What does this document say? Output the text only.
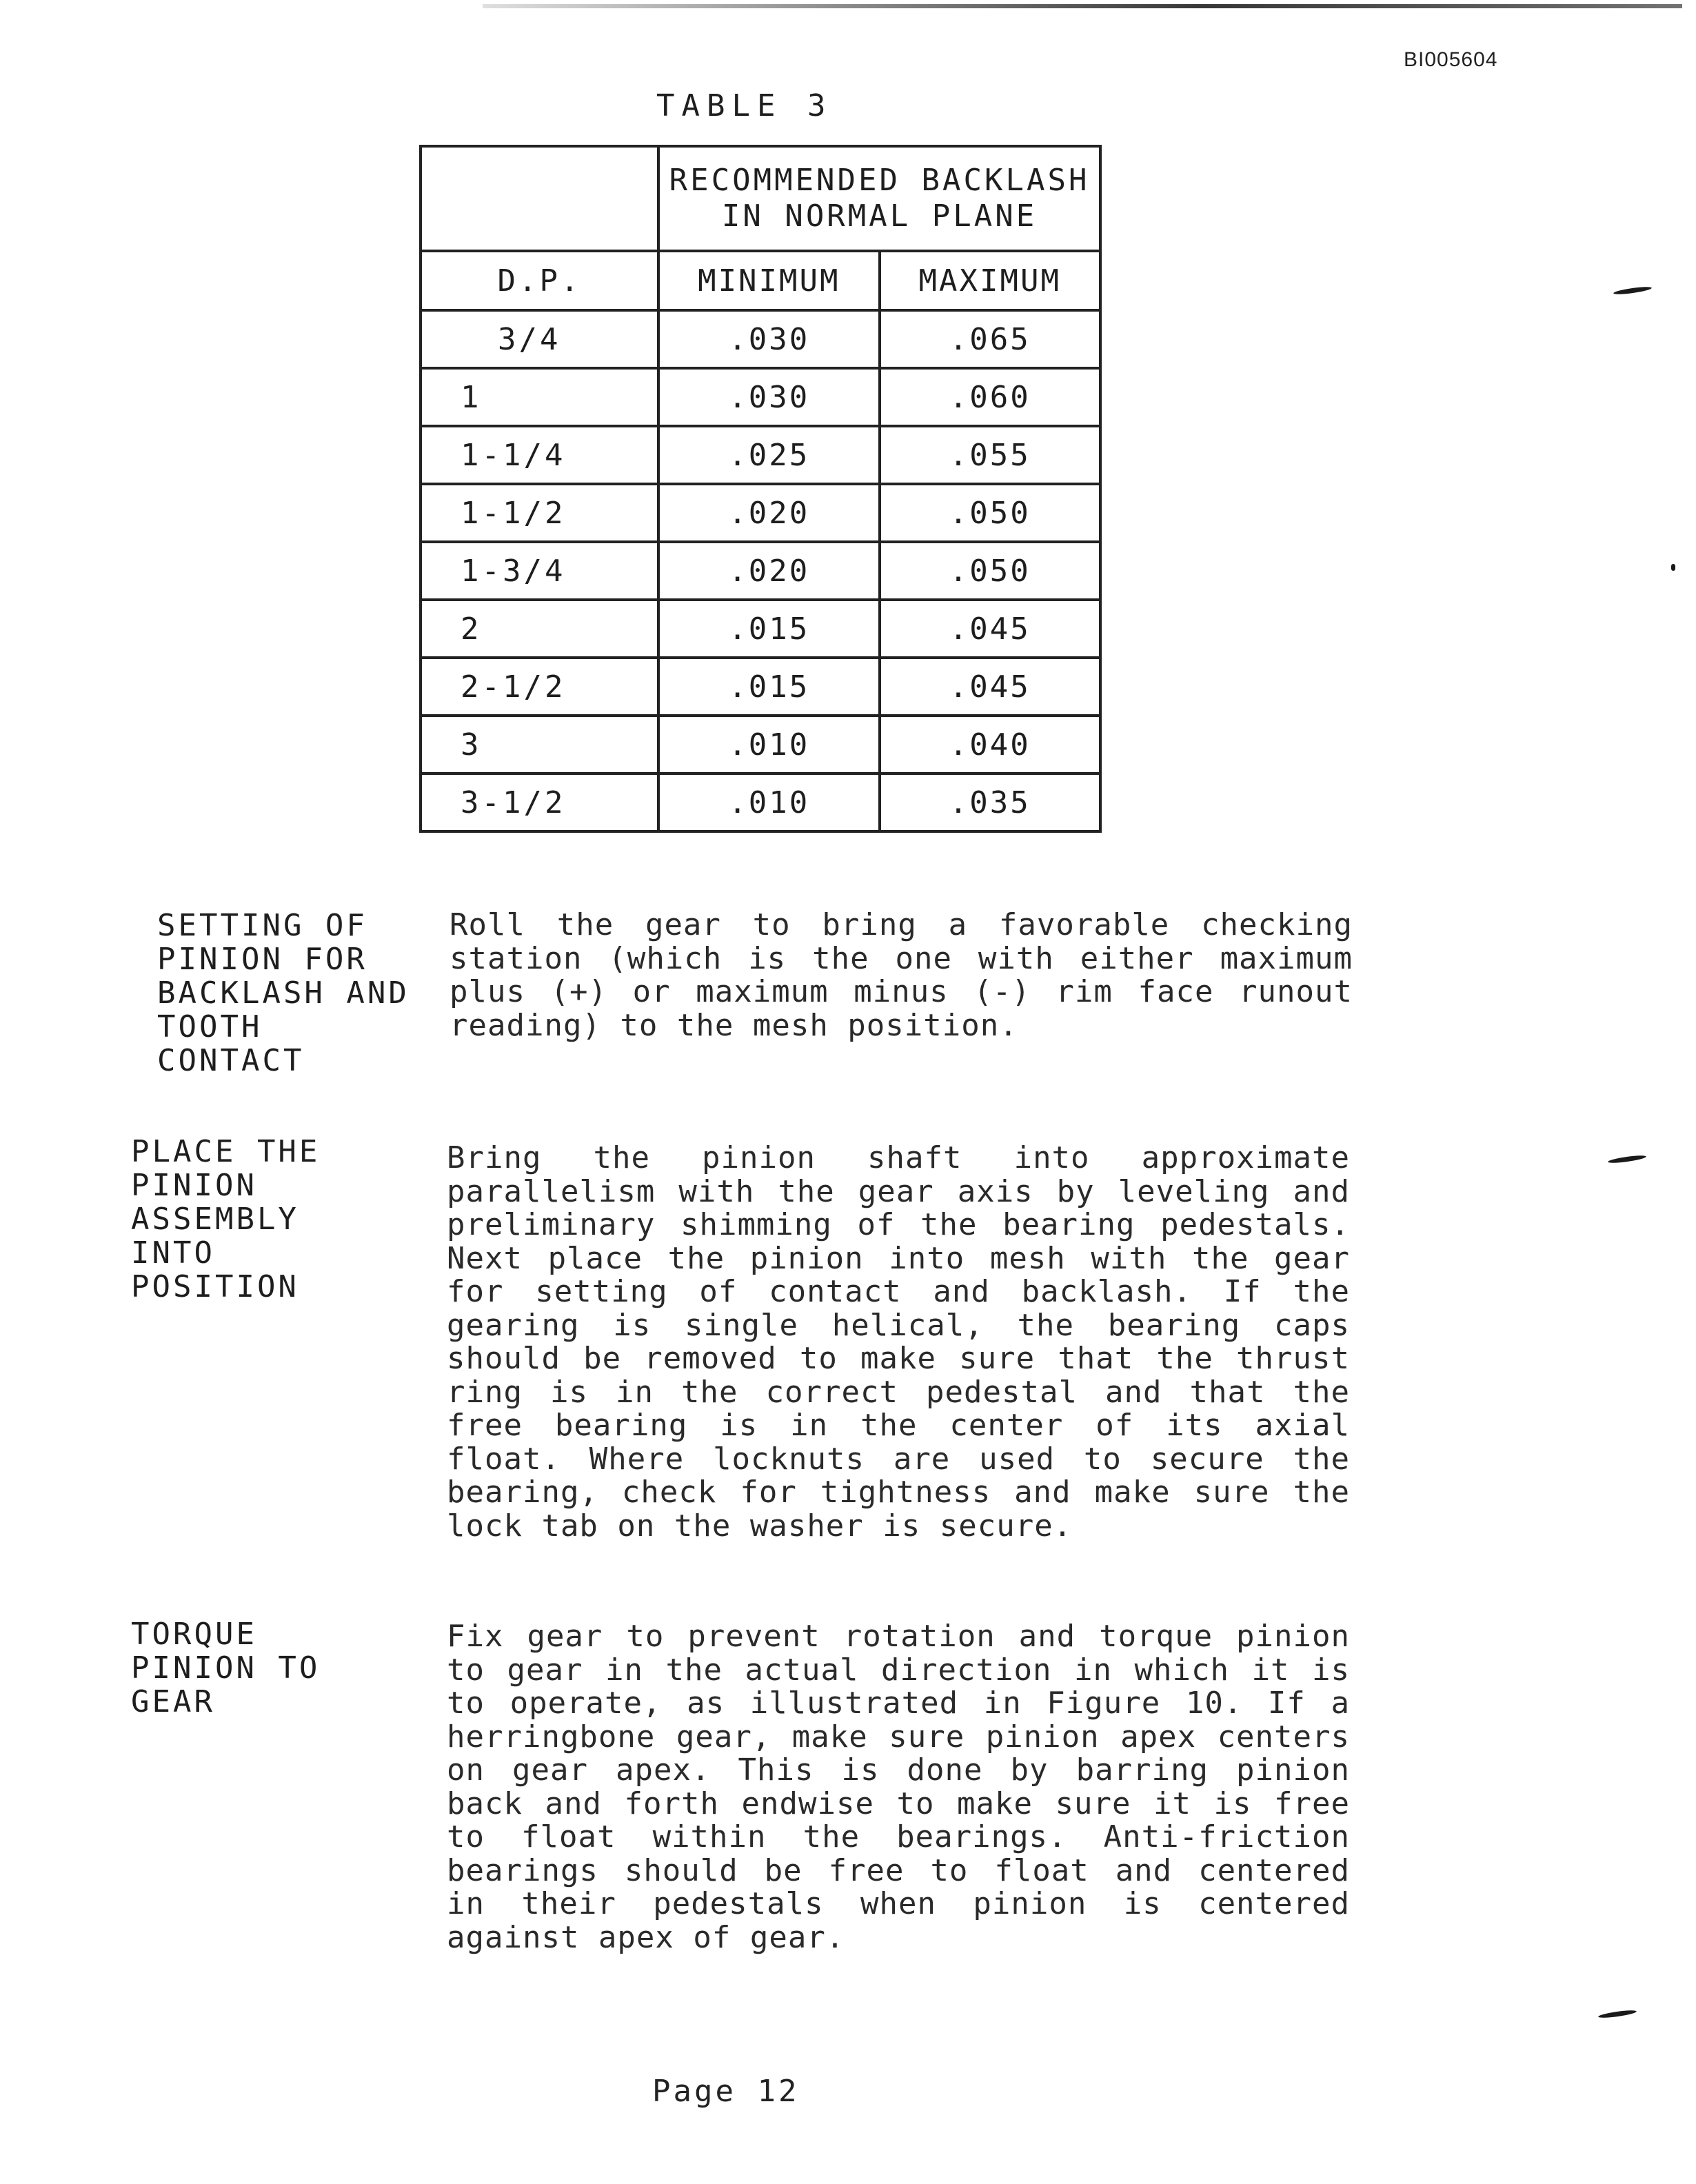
BI005604
TABLE 3

	RECOMMENDED BACKLASH
IN NORMAL PLANE	

D.P.	MINIMUM	MAXIMUM
3/4	.030	.065
1	.030	.060
1-1/4	.025	.055
1-1/2	.020	.050
1-3/4	.020	.050
2	.015	.045
2-1/2	.015	.045
3	.010	.040
3-1/2	.010	.035
SETTING OF
PINION FOR
BACKLASH AND
TOOTH
CONTACT
Roll the gear to bring a favorable checking station (which is the one with either maximum plus (+) or maximum minus (-) rim face runout reading) to the mesh position.
PLACE THE
PINION
ASSEMBLY
INTO
POSITION
Bring the pinion shaft into approximate parallelism with the gear axis by leveling and preliminary shimming of the bearing pedestals. Next place the pinion into mesh with the gear for setting of contact and backlash. If the gearing is single helical, the bearing caps should be removed to make sure that the thrust ring is in the correct pedestal and that the free bearing is in the center of its axial float. Where locknuts are used to secure the bearing, check for tightness and make sure the lock tab on the washer is secure.
TORQUE
PINION TO
GEAR
Fix gear to prevent rotation and torque pinion to gear in the actual direction in which it is to operate, as illustrated in Figure 10. If a herringbone gear, make sure pinion apex centers on gear apex. This is done by barring pinion back and forth endwise to make sure it is free to float within the bearings. Anti-friction bearings should be free to float and centered in their pedestals when pinion is centered against apex of gear.
Page 12
